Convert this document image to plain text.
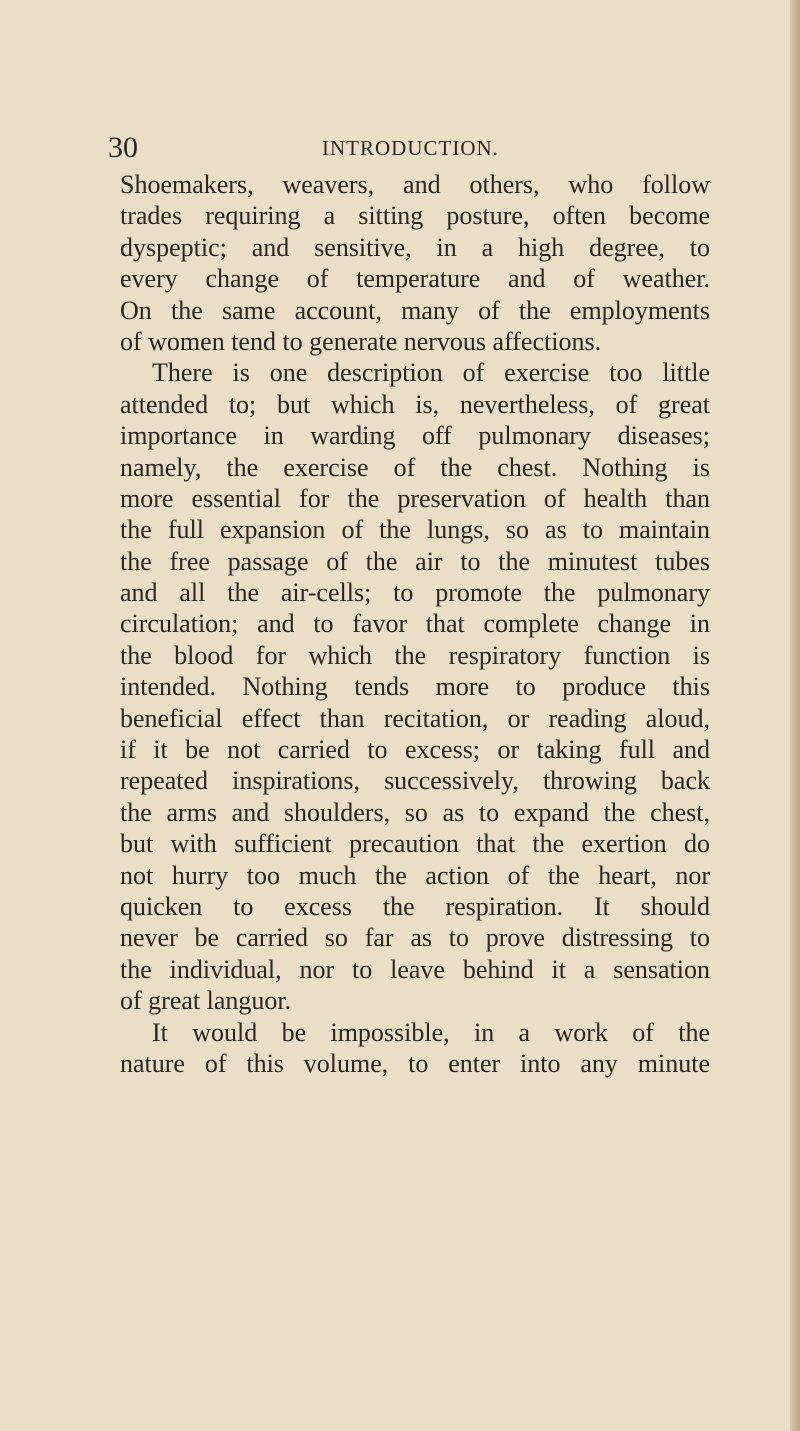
30	INTRODUCTION.
Shoemakers, weavers, and others, who follow
trades requiring a sitting posture, often become
dyspeptic; and sensitive, in a high degree, to
every change of temperature and of weather.
On the same account, many of the employments
of women tend to generate nervous affections.
There is one description of exercise too little
attended to; but which is, nevertheless, of great
importance in warding off pulmonary diseases;
namely, the exercise of the chest. Nothing is
more essential for the preservation of health than
the full expansion of the lungs, so as to maintain
the free passage of the air to the minutest tubes
and all the air-cells; to promote the pulmonary
circulation; and to favor that complete change in
the blood for which the respiratory function is
intended. Nothing tends more to produce this
beneficial effect than recitation, or reading aloud,
if it be not carried to excess; or taking full and
repeated inspirations, successively, throwing back
the arms and shoulders, so as to expand the chest,
but with sufficient precaution that the exertion do
not hurry too much the action of the heart, nor
quicken to excess the respiration. It should
never be carried so far as to prove distressing to
the individual, nor to leave behind it a sensation
of great languor.
It would be impossible, in a work of the
nature of this volume, to enter into any minute
